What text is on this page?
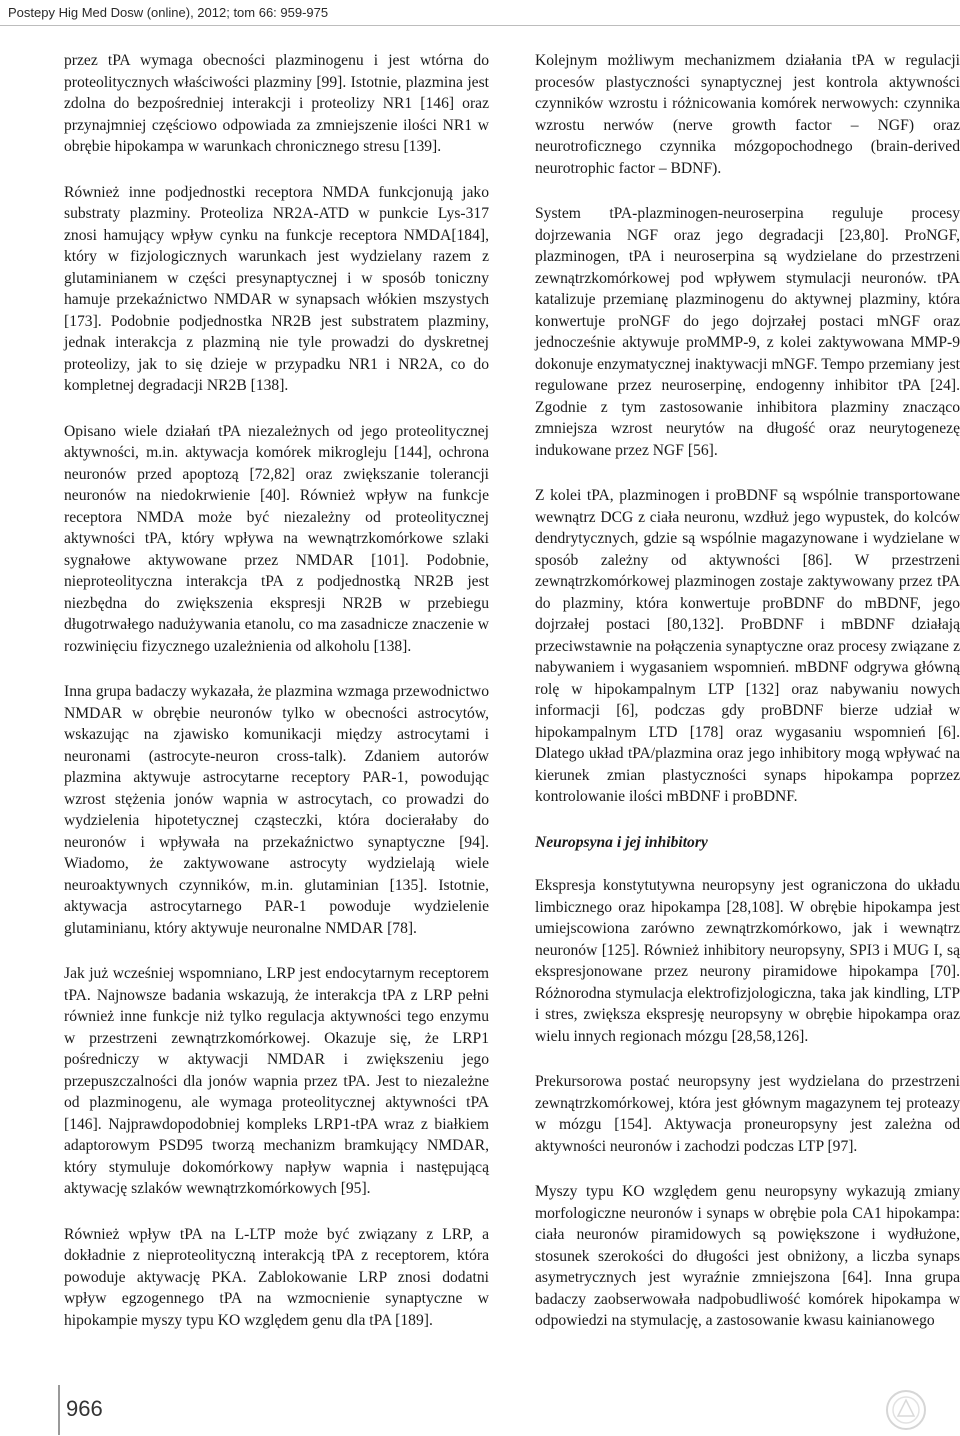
Postepy Hig Med Dosw (online), 2012; tom 66: 959-975

przez tPA wymaga obecności plazminogenu i jest wtórna do proteolitycznych właściwości plazminy [99]. Istotnie, plazmina jest zdolna do bezpośredniej interakcji i proteolizy NR1 [146] oraz przynajmniej częściowo odpowiada za zmniejszenie ilości NR1 w obrębie hipokampa w warunkach chronicznego stresu [139].

Również inne podjednostki receptora NMDA funkcjonują jako substraty plazminy. Proteoliza NR2A-ATD w punkcie Lys-317 znosi hamujący wpływ cynku na funkcje receptora NMDA[184], który w fizjologicznych warunkach jest wydzielany razem z glutaminianem w części presynaptycznej i w sposób toniczny hamuje przekaźnictwo NMDAR w synapsach włókien mszystych [173]. Podobnie podjednostka NR2B jest substratem plazminy, jednak interakcja z plazminą nie tyle prowadzi do dyskretnej proteolizy, jak to się dzieje w przypadku NR1 i NR2A, co do kompletnej degradacji NR2B [138].

Opisano wiele działań tPA niezależnych od jego proteolitycznej aktywności, m.in. aktywacja komórek mikrogleju [144], ochrona neuronów przed apoptozą [72,82] oraz zwiększanie tolerancji neuronów na niedokrwienie [40]. Również wpływ na funkcje receptora NMDA może być niezależny od proteolitycznej aktywności tPA, który wpływa na wewnątrzkomórkowe szlaki sygnałowe aktywowane przez NMDAR [101]. Podobnie, nieproteolityczna interakcja tPA z podjednostką NR2B jest niezbędna do zwiększenia ekspresji NR2B w przebiegu długotrwałego nadużywania etanolu, co ma zasadnicze znaczenie w rozwinięciu fizycznego uzależnienia od alkoholu [138].

Inna grupa badaczy wykazała, że plazmina wzmaga przewodnictwo NMDAR w obrębie neuronów tylko w obecności astrocytów, wskazując na zjawisko komunikacji między astrocytami i neuronami (astrocyte-neuron cross-talk). Zdaniem autorów plazmina aktywuje astrocytarne receptory PAR-1, powodując wzrost stężenia jonów wapnia w astrocytach, co prowadzi do wydzielenia hipotetycznej cząsteczki, która docierałaby do neuronów i wpływała na przekaźnictwo synaptyczne [94]. Wiadomo, że zaktywowane astrocyty wydzielają wiele neuroaktywnych czynników, m.in. glutaminian [135]. Istotnie, aktywacja astrocytarnego PAR-1 powoduje wydzielenie glutaminianu, który aktywuje neuronalne NMDAR [78].

Jak już wcześniej wspomniano, LRP jest endocytarnym receptorem tPA. Najnowsze badania wskazują, że interakcja tPA z LRP pełni również inne funkcje niż tylko regulacja aktywności tego enzymu w przestrzeni zewnątrzkomórkowej. Okazuje się, że LRP1 pośredniczy w aktywacji NMDAR i zwiększeniu jego przepuszczalności dla jonów wapnia przez tPA. Jest to niezależne od plazminogenu, ale wymaga proteolitycznej aktywności tPA [146]. Najprawdopodobniej kompleks LRP1-tPA wraz z białkiem adaptorowym PSD95 tworzą mechanizm bramkujący NMDAR, który stymuluje dokomórkowy napływ wapnia i następującą aktywację szlaków wewnątrzkomórkowych [95].

Również wpływ tPA na L-LTP może być związany z LRP, a dokładnie z nieproteolityczną interakcją tPA z receptorem, która powoduje aktywację PKA. Zablokowanie LRP znosi dodatni wpływ egzogennego tPA na wzmocnienie synaptyczne w hipokampie myszy typu KO względem genu dla tPA [189].

Kolejnym możliwym mechanizmem działania tPA w regulacji procesów plastyczności synaptycznej jest kontrola aktywności czynników wzrostu i różnicowania komórek nerwowych: czynnika wzrostu nerwów (nerve growth factor – NGF) oraz neurotroficznego czynnika mózgopochodnego (brain-derived neurotrophic factor – BDNF).

System tPA-plazminogen-neuroserpina reguluje procesy dojrzewania NGF oraz jego degradacji [23,80]. ProNGF, plazminogen, tPA i neuroserpina są wydzielane do przestrzeni zewnątrzkomórkowej pod wpływem stymulacji neuronów. tPA katalizuje przemianę plazminogenu do aktywnej plazminy, która konwertuje proNGF do jego dojrzałej postaci mNGF oraz jednocześnie aktywuje proMMP-9, z kolei zaktywowana MMP-9 dokonuje enzymatycznej inaktywacji mNGF. Tempo przemiany jest regulowane przez neuroserpinę, endogenny inhibitor tPA [24]. Zgodnie z tym zastosowanie inhibitora plazminy znacząco zmniejsza wzrost neurytów na długość oraz neurytogenezę indukowane przez NGF [56].

Z kolei tPA, plazminogen i proBDNF są wspólnie transportowane wewnątrz DCG z ciała neuronu, wzdłuż jego wypustek, do kolców dendrytycznych, gdzie są wspólnie magazynowane i wydzielane w sposób zależny od aktywności [86]. W przestrzeni zewnątrzkomórkowej plazminogen zostaje zaktywowany przez tPA do plazminy, która konwertuje proBDNF do mBDNF, jego dojrzałej postaci [80,132]. ProBDNF i mBDNF działają przeciwstawnie na połączenia synaptyczne oraz procesy związane z nabywaniem i wygasaniem wspomnień. mBDNF odgrywa główną rolę w hipokampalnym LTP [132] oraz nabywaniu nowych informacji [6], podczas gdy proBDNF bierze udział w hipokampalnym LTD [178] oraz wygasaniu wspomnień [6]. Dlatego układ tPA/plazmina oraz jego inhibitory mogą wpływać na kierunek zmian plastyczności synaps hipokampa poprzez kontrolowanie ilości mBDNF i proBDNF.

Neuropsyna i jej inhibitory

Ekspresja konstytutywna neuropsyny jest ograniczona do układu limbicznego oraz hipokampa [28,108]. W obrębie hipokampa jest umiejscowiona zarówno zewnątrzkomórkowo, jak i wewnątrz neuronów [125]. Również inhibitory neuropsyny, SPI3 i MUG I, są ekspresjonowane przez neurony piramidowe hipokampa [70]. Różnorodna stymulacja elektrofizjologiczna, taka jak kindling, LTP i stres, zwiększa ekspresję neuropsyny w obrębie hipokampa oraz wielu innych regionach mózgu [28,58,126].

Prekursorowa postać neuropsyny jest wydzielana do przestrzeni zewnątrzkomórkowej, która jest głównym magazynem tej proteazy w mózgu [154]. Aktywacja proneuropsyny jest zależna od aktywności neuronów i zachodzi podczas LTP [97].

Myszy typu KO względem genu neuropsyny wykazują zmiany morfologiczne neuronów i synaps w obrębie pola CA1 hipokampa: ciała neuronów piramidowych są powiększone i wydłużone, stosunek szerokości do długości jest obniżony, a liczba synaps asymetrycznych jest wyraźnie zmniejszona [64]. Inna grupa badaczy zaobserwowała nadpobudliwość komórek hipokampa w odpowiedzi na stymulację, a zastosowanie kwasu kainianowego

966
